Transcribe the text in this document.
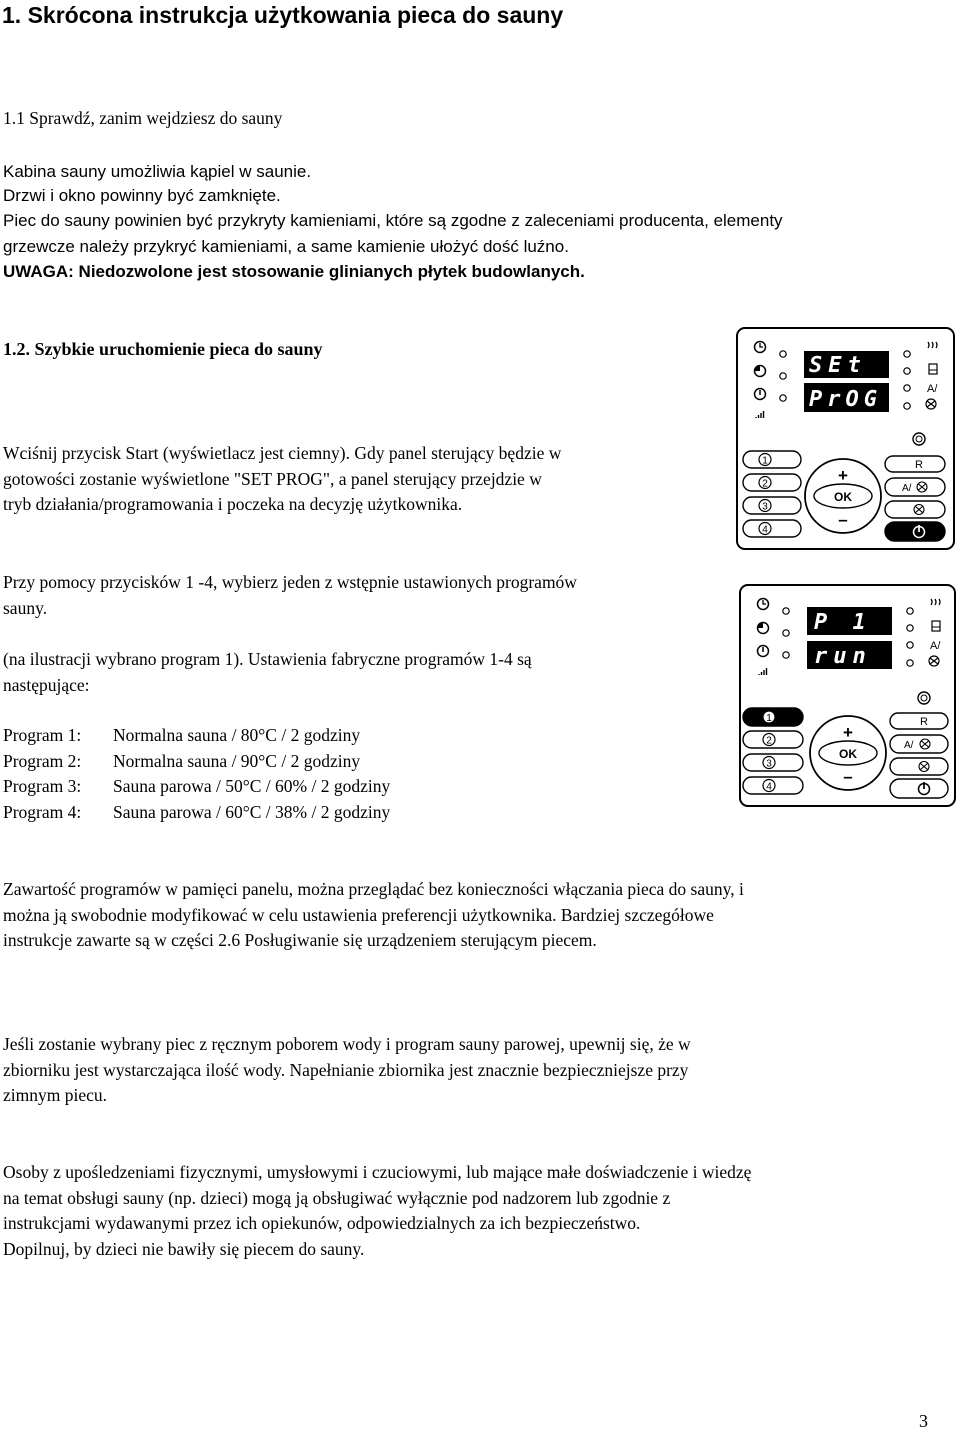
1. Skrócona instrukcja użytkowania pieca do sauny
1.1 Sprawdź, zanim wejdziesz do sauny
Kabina sauny umożliwia kąpiel w saunie.
Drzwi i okno powinny być zamknięte.
Piec do sauny powinien być przykryty kamieniami, które są zgodne z zaleceniami producenta, elementy
grzewcze należy przykryć kamieniami, a same kamienie ułożyć dość luźno.
UWAGA: Niedozwolone jest stosowanie glinianych płytek budowlanych.
1.2. Szybkie uruchomienie pieca do sauny
Wciśnij przycisk Start (wyświetlacz jest ciemny). Gdy panel sterujący będzie w
gotowości zostanie wyświetlone "SET PROG", a panel sterujący przejdzie w
tryb działania/programowania i poczeka na decyzję użytkownika.
Przy pomocy przycisków 1 -4, wybierz jeden z wstępnie ustawionych programów
sauny.
(na ilustracji wybrano program 1). Ustawienia fabryczne programów 1-4 są
następujące:
Program 1: Normalna sauna / 80°C / 2 godziny
Program 2: Normalna sauna / 90°C / 2 godziny
Program 3: Sauna parowa / 50°C / 60% / 2 godziny
Program 4: Sauna parowa / 60°C / 38% / 2 godziny
Zawartość programów w pamięci panelu, można przeglądać bez konieczności włączania pieca do sauny, i
można ją swobodnie modyfikować w celu ustawienia preferencji użytkownika. Bardziej szczegółowe
instrukcje zawarte są w części 2.6 Posługiwanie się urządzeniem sterującym piecem.
Jeśli zostanie wybrany piec z ręcznym poborem wody i program sauny parowej, upewnij się, że w
zbiorniku jest wystarczająca ilość wody. Napełnianie zbiornika jest znacznie bezpieczniejsze przy
zimnym piecu.
Osoby z upośledzeniami fizycznymi, umysłowymi i czuciowymi, lub mające małe doświadczenie i wiedzę
na temat obsługi sauny (np. dzieci) mogą ją obsługiwać wyłącznie pod nadzorem lub zgodnie z
instrukcjami wydawanymi przez ich opiekunów, odpowiedzialnych za ich bezpieczeństwo.
Dopilnuj, by dzieci nie bawiły się piecem do sauny.
3
SEt
PrOG	A/
1
2
3
4
OK
+
–
R
A/
P 1
run	A/
1
2
3
4
OK
+
–
R
A/
